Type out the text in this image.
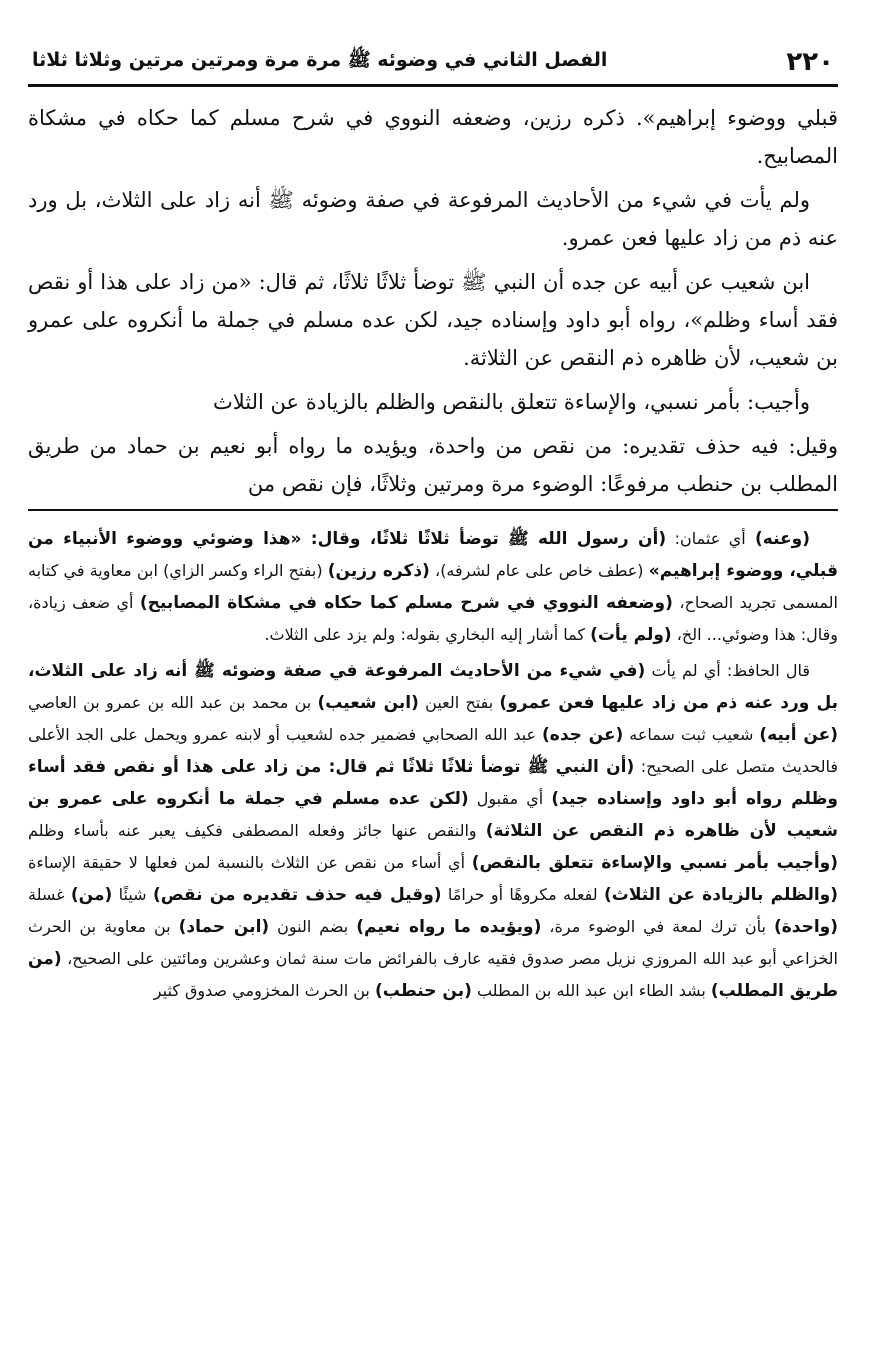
٢٢٠
الفصل الثاني في وضوئه ﷺ مرة مرة ومرتين مرتين وثلاثا ثلاثا

قبلي ووضوء إبراهيم». ذكره رزين، وضعفه النووي في شرح مسلم كما حكاه في مشكاة المصابيح.

ولم يأت في شيء من الأحاديث المرفوعة في صفة وضوئه ﷺ أنه زاد على الثلاث، بل ورد عنه ذم من زاد عليها فعن عمرو.

ابن شعيب عن أبيه عن جده أن النبي ﷺ توضأ ثلاثًا ثلاثًا، ثم قال: «من زاد على هذا أو نقص فقد أساء وظلم»، رواه أبو داود وإسناده جيد، لكن عده مسلم في جملة ما أنكروه على عمرو بن شعيب، لأن ظاهره ذم النقص عن الثلاثة.

وأجيب: بأمر نسبي، والإساءة تتعلق بالنقص والظلم بالزيادة عن الثلاث

وقيل: فيه حذف تقديره: من نقص من واحدة، ويؤيده ما رواه أبو نعيم بن حماد من طريق المطلب بن حنطب مرفوعًا: الوضوء مرة ومرتين وثلاثًا، فإن نقص من

(وعنه) أي عثمان: (أن رسول الله ﷺ توضأ ثلاثًا ثلاثًا، وقال: «هذا وضوئي ووضوء الأنبياء من قبلي، ووضوء إبراهيم» (عطف خاص على عام لشرفه)، (ذكره رزين) (بفتح الراء وكسر الزاي) ابن معاوية في كتابه المسمى تجريد الصحاح، (وضعفه النووي في شرح مسلم كما حكاه في مشكاة المصابيح) أي ضعف زيادة، وقال: هذا وضوئي... الخ، (ولم يأت) كما أشار إليه البخاري بقوله: ولم يزد على الثلاث.

قال الحافظ: أي لم يأت (في شيء من الأحاديث المرفوعة في صفة وضوئه ﷺ أنه زاد على الثلاث، بل ورد عنه ذم من زاد عليها فعن عمرو) بفتح العين (ابن شعيب) بن محمد بن عبد الله بن عمرو بن العاصي (عن أبيه) شعيب ثبت سماعه (عن جده) عبد الله الصحابي فضمير جده لشعيب أو لابنه عمرو ويحمل على الجد الأعلى فالحديث متصل على الصحيح: (أن النبي ﷺ توضأ ثلاثًا ثلاثًا ثم قال: من زاد على هذا أو نقص فقد أساء وظلم رواه أبو داود وإسناده جيد) أي مقبول (لكن عده مسلم في جملة ما أنكروه على عمرو بن شعيب لأن ظاهره ذم النقص عن الثلاثة) والنقص عنها جائز وفعله المصطفى فكيف يعبر عنه بأساء وظلم (وأجيب بأمر نسبي والإساءة تتعلق بالنقص) أي أساء من نقص عن الثلاث بالنسبة لمن فعلها لا حقيقة الإساءة (والظلم بالزيادة عن الثلاث) لفعله مكروهًا أو حرامًا (وقيل فيه حذف تقديره من نقص) شيئًا (من) غسلة (واحدة) بأن ترك لمعة في الوضوء مرة، (ويؤيده ما رواه نعيم) بضم النون (ابن حماد) بن معاوية بن الحرث الخزاعي أبو عبد الله المروزي نزيل مصر صدوق فقيه عارف بالفرائض مات سنة ثمان وعشرين ومائتين على الصحيح، (من طريق المطلب) بشد الطاء ابن عبد الله بن المطلب (بن حنطب) بن الحرث المخزومي صدوق كثير
